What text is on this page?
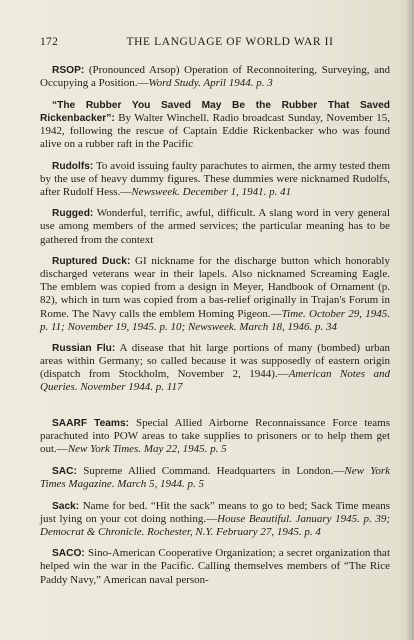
172	THE LANGUAGE OF WORLD WAR II

RSOP: (Pronounced Arsop) Operation of Reconnoitering, Surveying, and Occupying a Position.—Word Study. April 1944. p. 3

“The Rubber You Saved May Be the Rubber That Saved Rickenbacker”: By Walter Winchell. Radio broadcast Sunday, November 15, 1942, following the rescue of Captain Eddie Rickenbacker who was found alive on a rubber raft in the Pacific

Rudolfs: To avoid issuing faulty parachutes to airmen, the army tested them by the use of heavy dummy figures. These dummies were nicknamed Rudolfs, after Rudolf Hess.—Newsweek. December 1, 1941. p. 41

Rugged: Wonderful, terrific, awful, difficult. A slang word in very general use among members of the armed services; the particular meaning has to be gathered from the context

Ruptured Duck: GI nickname for the discharge button which honorably discharged veterans wear in their lapels. Also nicknamed Screaming Eagle. The emblem was copied from a design in Meyer, Handbook of Ornament (p. 82), which in turn was copied from a bas-relief originally in Trajan's Forum in Rome. The Navy calls the emblem Homing Pigeon.—Time. October 29, 1945. p. 11; November 19, 1945. p. 10; Newsweek. March 18, 1946. p. 34

Russian Flu: A disease that hit large portions of many (bombed) urban areas within Germany; so called because it was supposedly of eastern origin (dispatch from Stockholm, November 2, 1944).—American Notes and Queries. November 1944. p. 117

SAARF Teams: Special Allied Airborne Reconnaissance Force teams parachuted into POW areas to take supplies to prisoners or to help them get out.—New York Times. May 22, 1945. p. 5

SAC: Supreme Allied Command. Headquarters in London.—New York Times Magazine. March 5, 1944. p. 5

Sack: Name for bed. “Hit the sack” means to go to bed; Sack Time means just lying on your cot doing nothing.—House Beautiful. January 1945. p. 39; Democrat & Chronicle. Rochester, N.Y. February 27, 1945. p. 4

SACO: Sino-American Cooperative Organization; a secret organization that helped win the war in the Pacific. Calling themselves members of “The Rice Paddy Navy,” American naval person-
